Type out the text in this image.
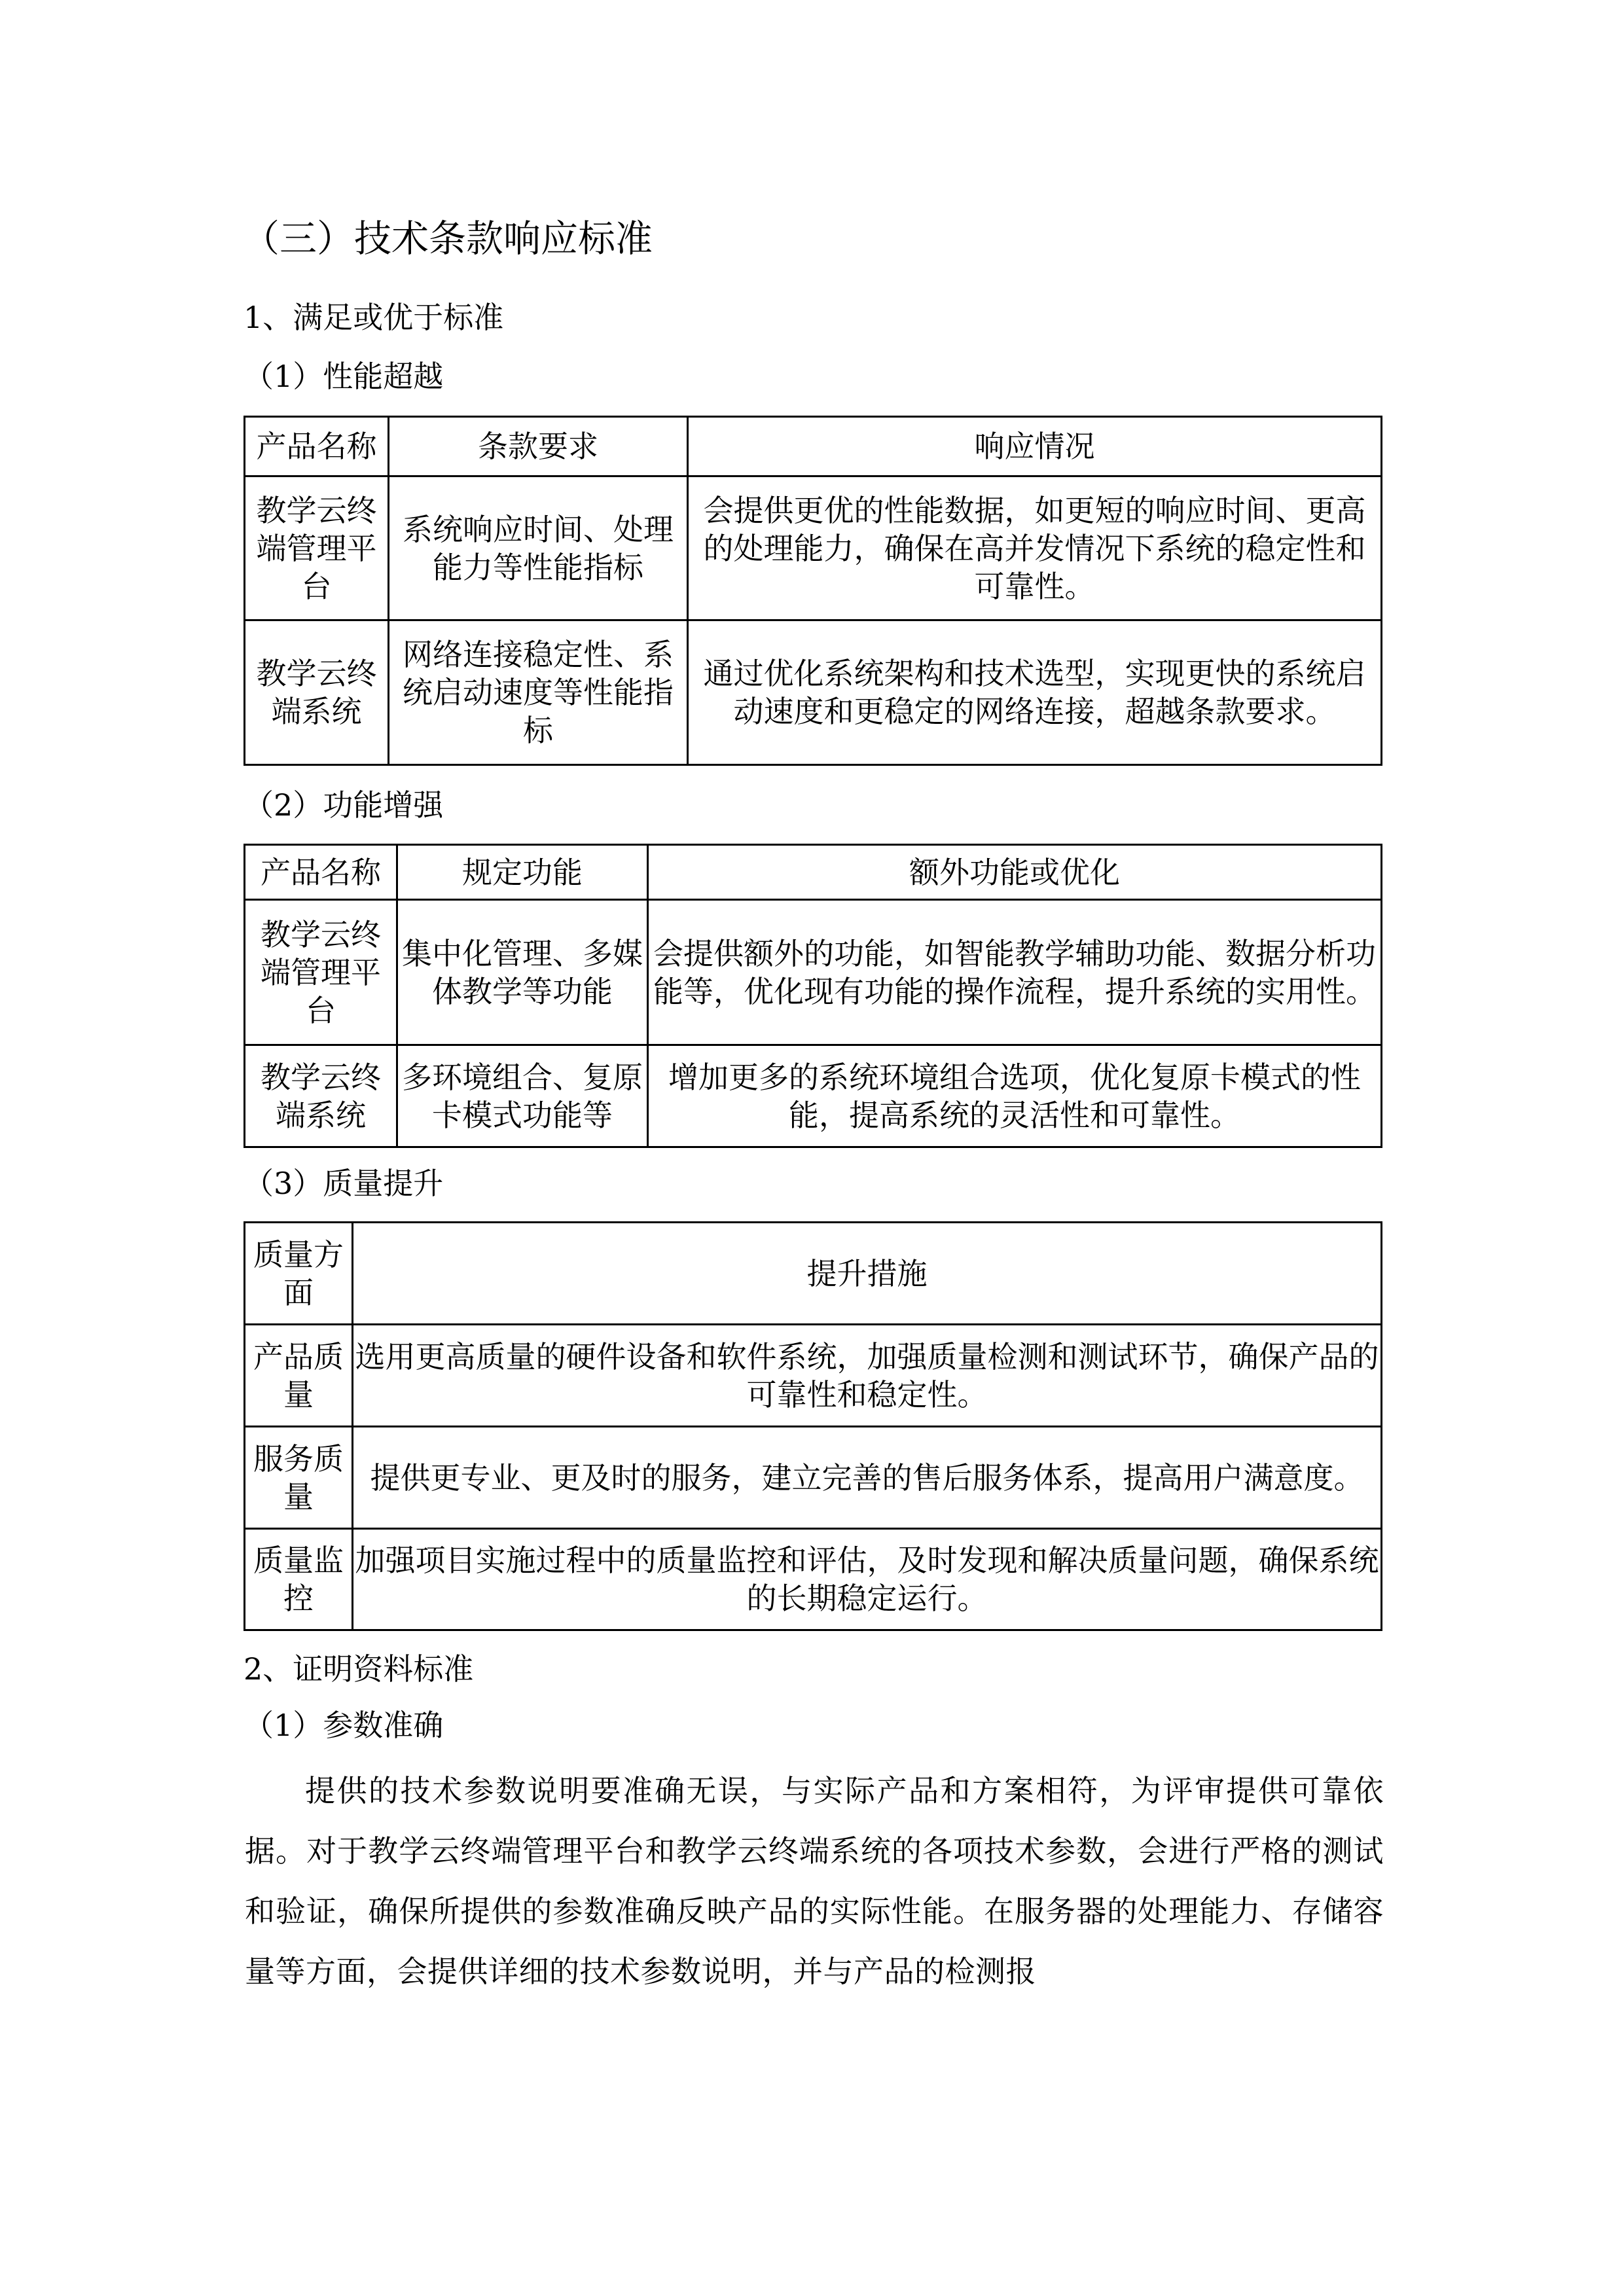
（三）技术条款响应标准
1、满足或优于标准
（1）性能超越
产品名称	条款要求	响应情况
教学云终端管理平台	系统响应时间、处理能力等性能指标	会提供更优的性能数据，如更短的响应时间、更高的处理能力，确保在高并发情况下系统的稳定性和可靠性。
教学云终端系统	网络连接稳定性、系统启动速度等性能指标	通过优化系统架构和技术选型，实现更快的系统启动速度和更稳定的网络连接，超越条款要求。
（2）功能增强
产品名称	规定功能	额外功能或优化
教学云终端管理平台	集中化管理、多媒体教学等功能	会提供额外的功能，如智能教学辅助功能、数据分析功能等，优化现有功能的操作流程，提升系统的实用性。
教学云终端系统	多环境组合、复原卡模式功能等	增加更多的系统环境组合选项，优化复原卡模式的性能，提高系统的灵活性和可靠性。
（3）质量提升
质量方面	提升措施
产品质量	选用更高质量的硬件设备和软件系统，加强质量检测和测试环节，确保产品的可靠性和稳定性。
服务质量	提供更专业、更及时的服务，建立完善的售后服务体系，提高用户满意度。
质量监控	加强项目实施过程中的质量监控和评估，及时发现和解决质量问题，确保系统的长期稳定运行。
2、证明资料标准
（1）参数准确
提供的技术参数说明要准确无误，与实际产品和方案相符，为评审提供可靠依据。对于教学云终端管理平台和教学云终端系统的各项技术参数，会进行严格的测试和验证，确保所提供的参数准确反映产品的实际性能。在服务器的处理能力、存储容量等方面，会提供详细的技术参数说明，并与产品的检测报
